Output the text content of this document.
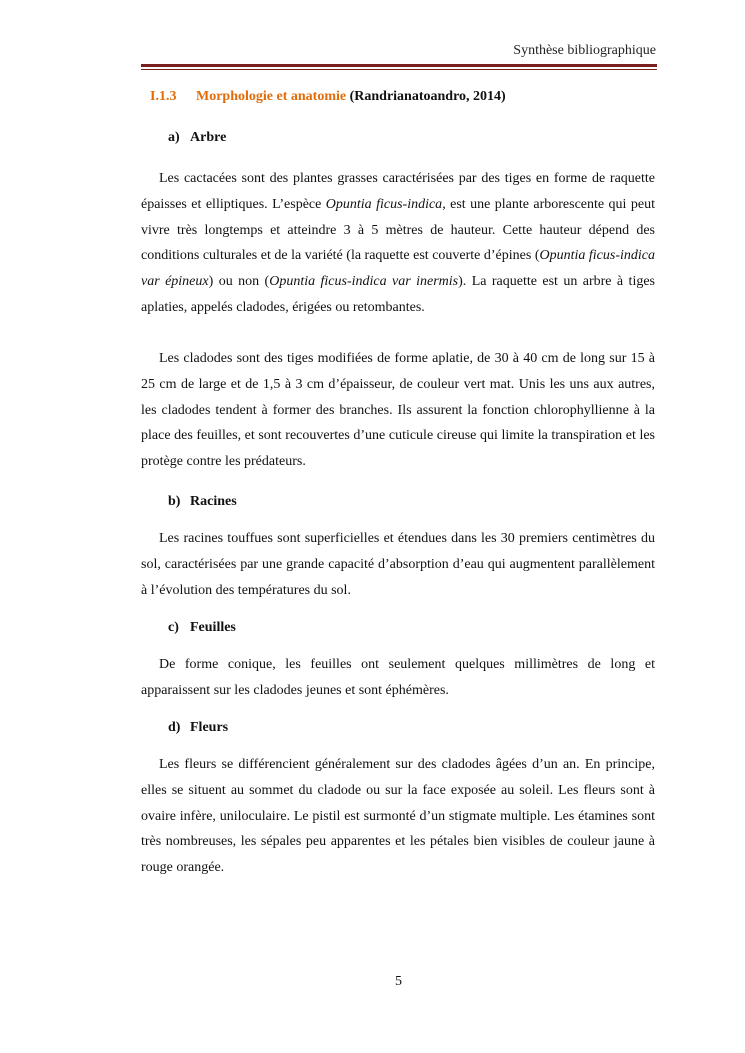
Synthèse bibliographique
I.1.3 Morphologie et anatomie (Randrianatoandro, 2014)
a) Arbre

Les cactacées sont des plantes grasses caractérisées par des tiges en forme de raquette épaisses et elliptiques. L’espèce Opuntia ficus-indica, est une plante arborescente qui peut vivre très longtemps et atteindre 3 à 5 mètres de hauteur. Cette hauteur dépend des conditions culturales et de la variété (la raquette est couverte d’épines (Opuntia ficus-indica var épineux) ou non (Opuntia ficus-indica var inermis). La raquette est un arbre à tiges aplaties, appelés cladodes, érigées ou retombantes.

Les cladodes sont des tiges modifiées de forme aplatie, de 30 à 40 cm de long sur 15 à 25 cm de large et de 1,5 à 3 cm d’épaisseur, de couleur vert mat. Unis les uns aux autres, les cladodes tendent à former des branches. Ils assurent la fonction chlorophyllienne à la place des feuilles, et sont recouvertes d’une cuticule cireuse qui limite la transpiration et les protège contre les prédateurs.

b) Racines

Les racines touffues sont superficielles et étendues dans les 30 premiers centimètres du sol, caractérisées par une grande capacité d’absorption d’eau qui augmentent parallèlement à l’évolution des températures du sol.

c) Feuilles

De forme conique, les feuilles ont seulement quelques millimètres de long et apparaissent sur les cladodes jeunes et sont éphémères.

d) Fleurs

Les fleurs se différencient généralement sur des cladodes âgées d’un an. En principe, elles se situent au sommet du cladode ou sur la face exposée au soleil. Les fleurs sont à ovaire infère, uniloculaire. Le pistil est surmonté d’un stigmate multiple. Les étamines sont très nombreuses, les sépales peu apparentes et les pétales bien visibles de couleur jaune à rouge orangée.

5
